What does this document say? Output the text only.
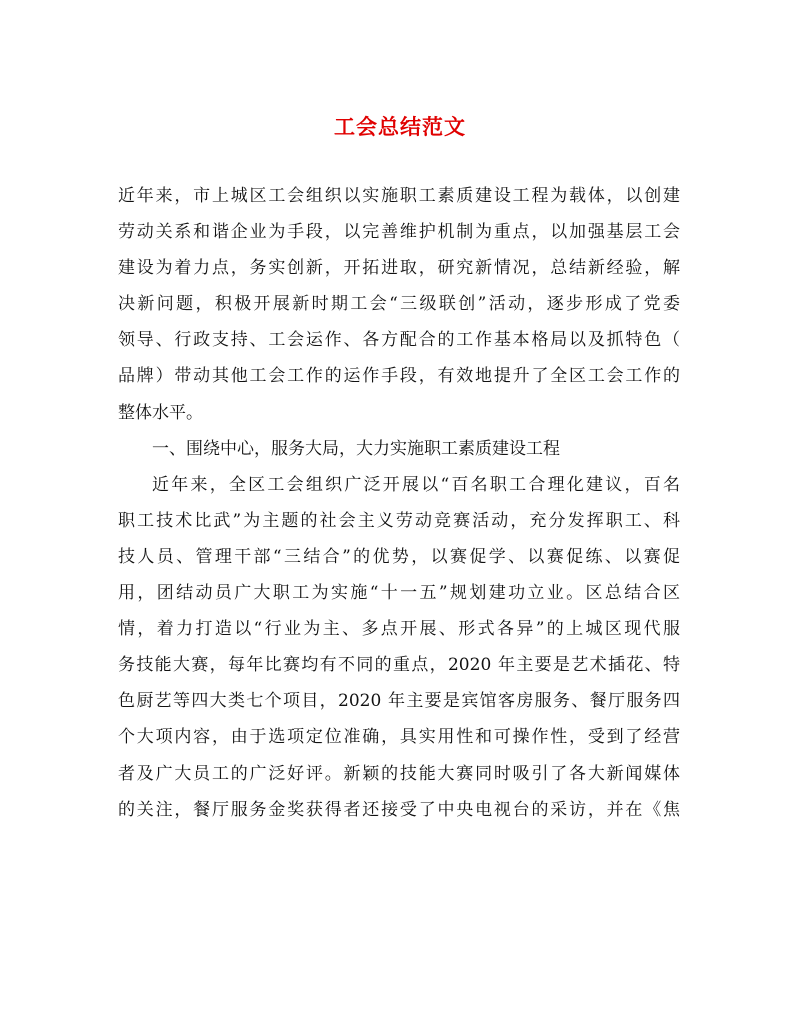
工会总结范文
近年来，市上城区工会组织以实施职工素质建设工程为载体，以创建
劳动关系和谐企业为手段，以完善维护机制为重点，以加强基层工会
建设为着力点，务实创新，开拓进取，研究新情况，总结新经验，解
决新问题，积极开展新时期工会“三级联创”活动，逐步形成了党委
领导、行政支持、工会运作、各方配合的工作基本格局以及抓特色（
品牌）带动其他工会工作的运作手段，有效地提升了全区工会工作的
整体水平。
一、围绕中心，服务大局，大力实施职工素质建设工程
近年来，全区工会组织广泛开展以“百名职工合理化建议，百名
职工技术比武”为主题的社会主义劳动竞赛活动，充分发挥职工、科
技人员、管理干部“三结合”的优势，以赛促学、以赛促练、以赛促
用，团结动员广大职工为实施“十一五”规划建功立业。区总结合区
情，着力打造以“行业为主、多点开展、形式各异”的上城区现代服
务技能大赛，每年比赛均有不同的重点，2020 年主要是艺术插花、特
色厨艺等四大类七个项目，2020 年主要是宾馆客房服务、餐厅服务四
个大项内容，由于选项定位准确，具实用性和可操作性，受到了经营
者及广大员工的广泛好评。新颖的技能大赛同时吸引了各大新闻媒体
的关注，餐厅服务金奖获得者还接受了中央电视台的采访，并在《焦
